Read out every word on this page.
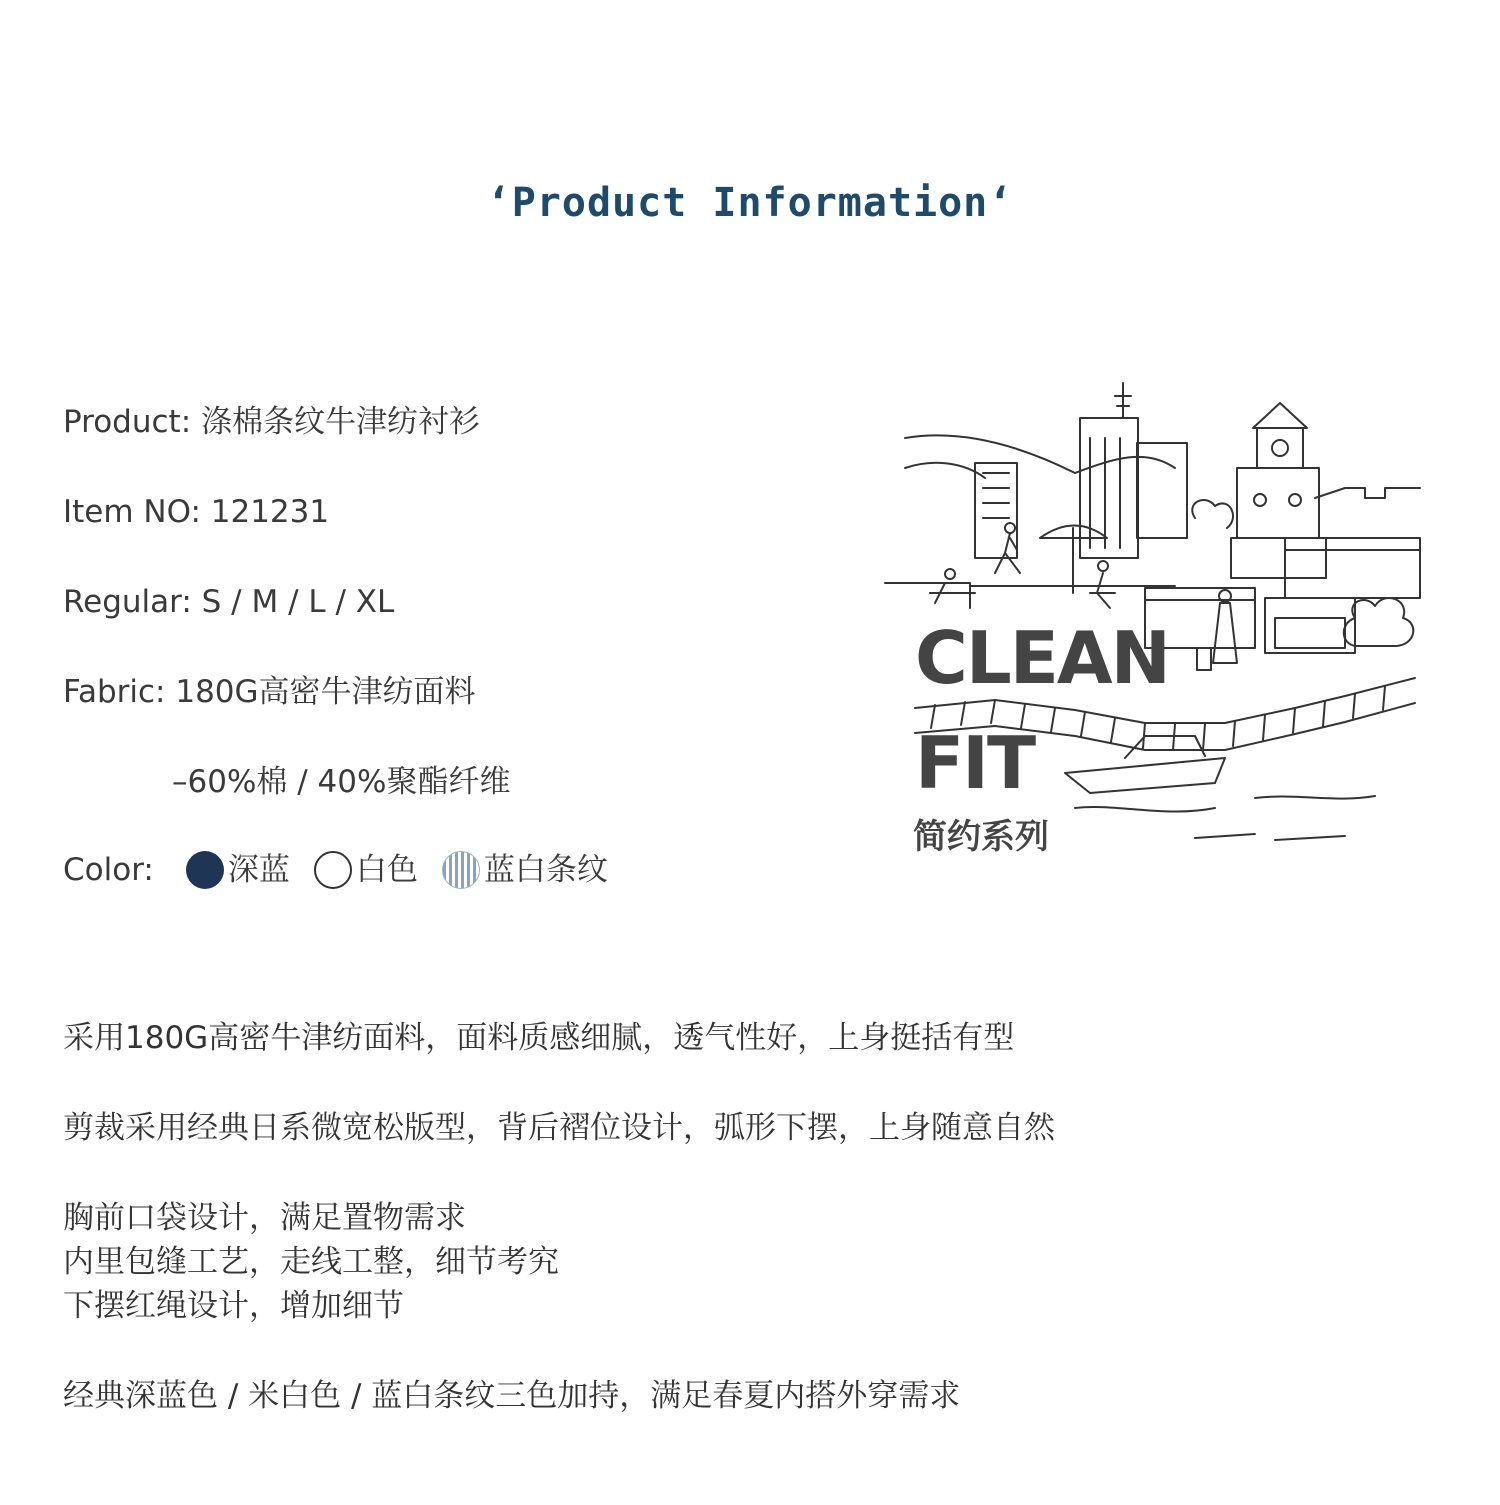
‘Product Information‘
Product: 涤棉条纹牛津纺衬衫
Item NO: 121231
Regular: S / M / L / XL
Fabric: 180G高密牛津纺面料
–60%棉 / 40%聚酯纤维
Color: 深蓝 白色 蓝白条纹
CLEAN
FIT
简约系列
采用180G高密牛津纺面料，面料质感细腻，透气性好，上身挺括有型
剪裁采用经典日系微宽松版型，背后褶位设计，弧形下摆，上身随意自然
胸前口袋设计，满足置物需求
内里包缝工艺，走线工整，细节考究
下摆红绳设计，增加细节
经典深蓝色 / 米白色 / 蓝白条纹三色加持，满足春夏内搭外穿需求
